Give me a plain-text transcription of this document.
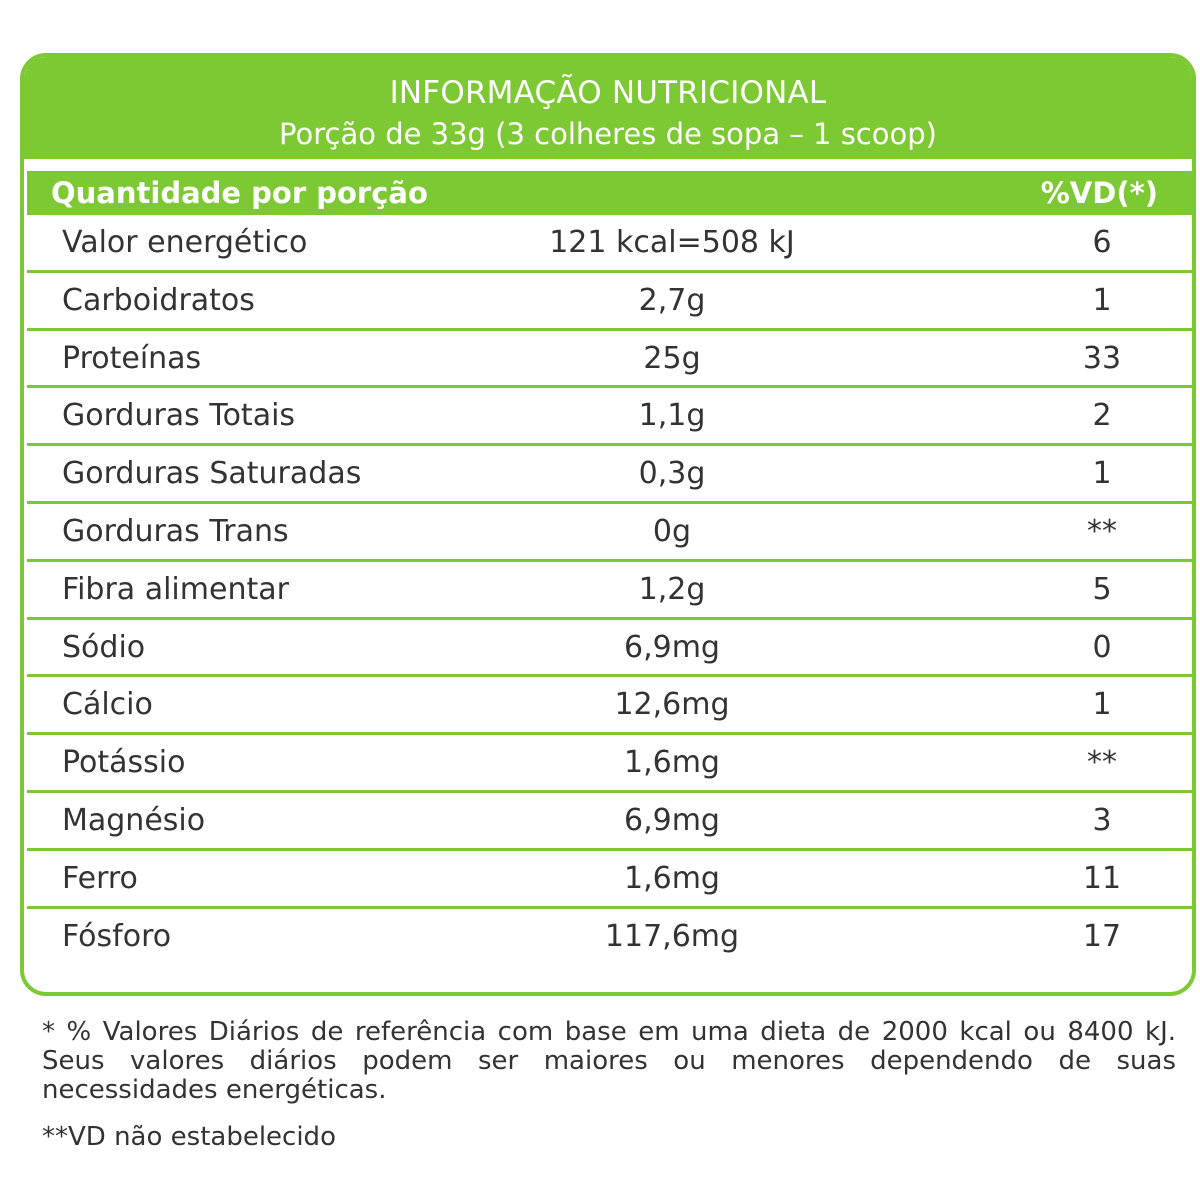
INFORMAÇÃO NUTRICIONAL
Porção de 33g (3 colheres de sopa – 1 scoop)
Quantidade por porção	%VD(*)
Valor energético	121 kcal=508 kJ	6
Carboidratos	2,7g	1
Proteínas	25g	33
Gorduras Totais	1,1g	2
Gorduras Saturadas	0,3g	1
Gorduras Trans	0g	**
Fibra alimentar	1,2g	5
Sódio	6,9mg	0
Cálcio	12,6mg	1
Potássio	1,6mg	**
Magnésio	6,9mg	3
Ferro	1,6mg	11
Fósforo	117,6mg	17
* % Valores Diários de referência com base em uma dieta de 2000 kcal ou 8400 kJ. Seus valores diários podem ser maiores ou menores dependendo de suas necessidades energéticas.
**VD não estabelecido
